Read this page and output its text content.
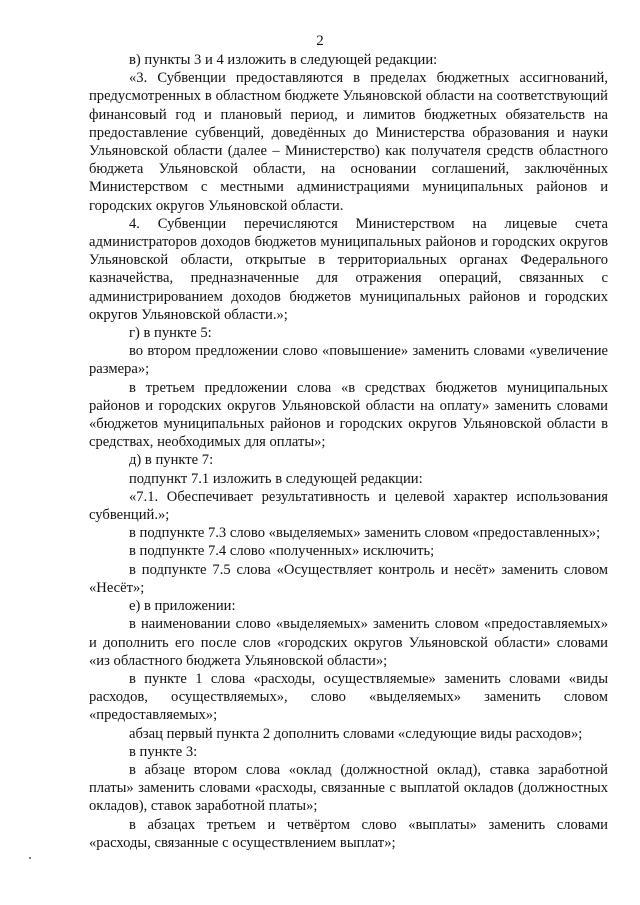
2

в) пункты 3 и 4 изложить в следующей редакции:

«3. Субвенции предоставляются в пределах бюджетных ассигнований, предусмотренных в областном бюджете Ульяновской области на соответствующий финансовый год и плановый период, и лимитов бюджетных обязательств на предоставление субвенций, доведённых до Министерства образования и науки Ульяновской области (далее – Министерство) как получателя средств областного бюджета Ульяновской области, на основании соглашений, заключённых Министерством с местными администрациями муниципальных районов и городских округов Ульяновской области.

4. Субвенции перечисляются Министерством на лицевые счета администраторов доходов бюджетов муниципальных районов и городских округов Ульяновской области, открытые в территориальных органах Федерального казначейства, предназначенные для отражения операций, связанных с администрированием доходов бюджетов муниципальных районов и городских округов Ульяновской области.»;

г) в пункте 5:

во втором предложении слово «повышение» заменить словами «увеличение размера»;

в третьем предложении слова «в средствах бюджетов муниципальных районов и городских округов Ульяновской области на оплату» заменить словами «бюджетов муниципальных районов и городских округов Ульяновской области в средствах, необходимых для оплаты»;

д) в пункте 7:

подпункт 7.1 изложить в следующей редакции:

«7.1. Обеспечивает результативность и целевой характер использования субвенций.»;

в подпункте 7.3 слово «выделяемых» заменить словом «предоставленных»;

в подпункте 7.4 слово «полученных» исключить;

в подпункте 7.5 слова «Осуществляет контроль и несёт» заменить словом «Несёт»;

е) в приложении:

в наименовании слово «выделяемых» заменить словом «предоставляемых» и дополнить его после слов «городских округов Ульяновской области» словами «из областного бюджета Ульяновской области»;

в пункте 1 слова «расходы, осуществляемые» заменить словами «виды расходов, осуществляемых», слово «выделяемых» заменить словом «предоставляемых»;

абзац первый пункта 2 дополнить словами «следующие виды расходов»;

в пункте 3:

в абзаце втором слова «оклад (должностной оклад), ставка заработной платы» заменить словами «расходы, связанные с выплатой окладов (должностных окладов), ставок заработной платы»;

в абзацах третьем и четвёртом слово «выплаты» заменить словами «расходы, связанные с осуществлением выплат»;
